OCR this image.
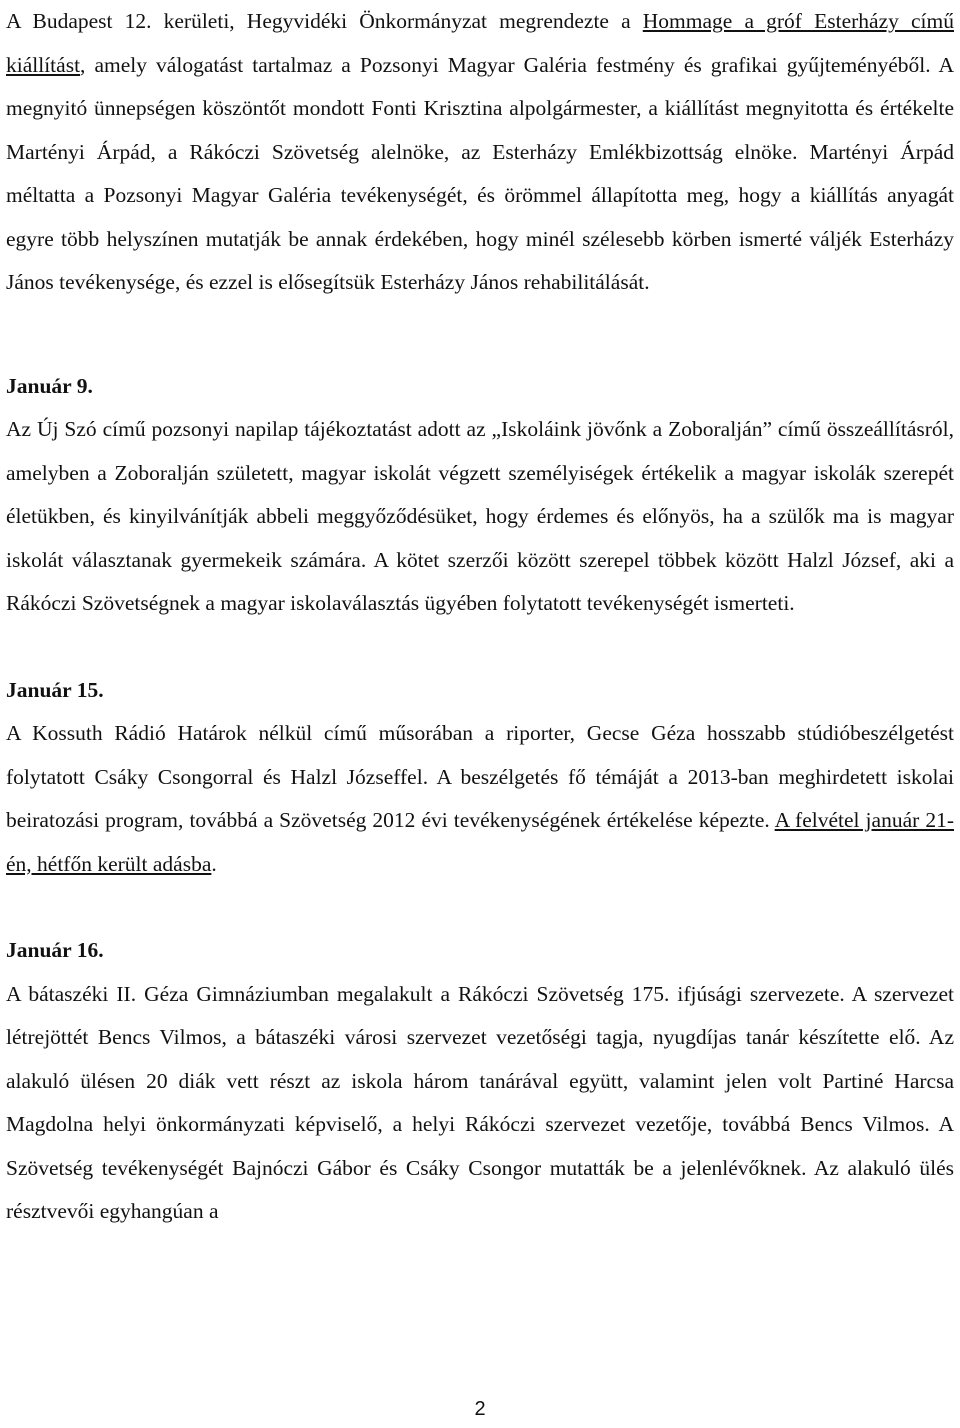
A Budapest 12. kerületi, Hegyvidéki Önkormányzat megrendezte a Hommage a gróf Esterházy című kiállítást, amely válogatást tartalmaz a Pozsonyi Magyar Galéria festmény és grafikai gyűjteményéből. A megnyitó ünnepségen köszöntőt mondott Fonti Krisztina alpolgármester, a kiállítást megnyitotta és értékelte Martényi Árpád, a Rákóczi Szövetség alelnöke, az Esterházy Emlékbizottság elnöke. Martényi Árpád méltatta a Pozsonyi Magyar Galéria tevékenységét, és örömmel állapította meg, hogy a kiállítás anyagát egyre több helyszínen mutatják be annak érdekében, hogy minél szélesebb körben ismerté váljék Esterházy János tevékenysége, és ezzel is elősegítsük Esterházy János rehabilitálását.

Január 9.

Az Új Szó című pozsonyi napilap tájékoztatást adott az „Iskoláink jövőnk a Zoboralján” című összeállításról, amelyben a Zoboralján született, magyar iskolát végzett személyiségek értékelik a magyar iskolák szerepét életükben, és kinyilvánítják abbeli meggyőződésüket, hogy érdemes és előnyös, ha a szülők ma is magyar iskolát választanak gyermekeik számára. A kötet szerzői között szerepel többek között Halzl József, aki a Rákóczi Szövetségnek a magyar iskolaválasztás ügyében folytatott tevékenységét ismerteti.

Január 15.

A Kossuth Rádió Határok nélkül című műsorában a riporter, Gecse Géza hosszabb stúdióbeszélgetést folytatott Csáky Csongorral és Halzl Józseffel. A beszélgetés fő témáját a 2013-ban meghirdetett iskolai beiratozási program, továbbá a Szövetség 2012 évi tevékenységének értékelése képezte. A felvétel január 21-én, hétfőn került adásba.

Január 16.

A bátaszéki II. Géza Gimnáziumban megalakult a Rákóczi Szövetség 175. ifjúsági szervezete. A szervezet létrejöttét Bencs Vilmos, a bátaszéki városi szervezet vezetőségi tagja, nyugdíjas tanár készítette elő. Az alakuló ülésen 20 diák vett részt az iskola három tanárával együtt, valamint jelen volt Partiné Harcsa Magdolna helyi önkormányzati képviselő, a helyi Rákóczi szervezet vezetője, továbbá Bencs Vilmos. A Szövetség tevékenységét Bajnóczi Gábor és Csáky Csongor mutatták be a jelenlévőknek. Az alakuló ülés résztvevői egyhangúan a

2
